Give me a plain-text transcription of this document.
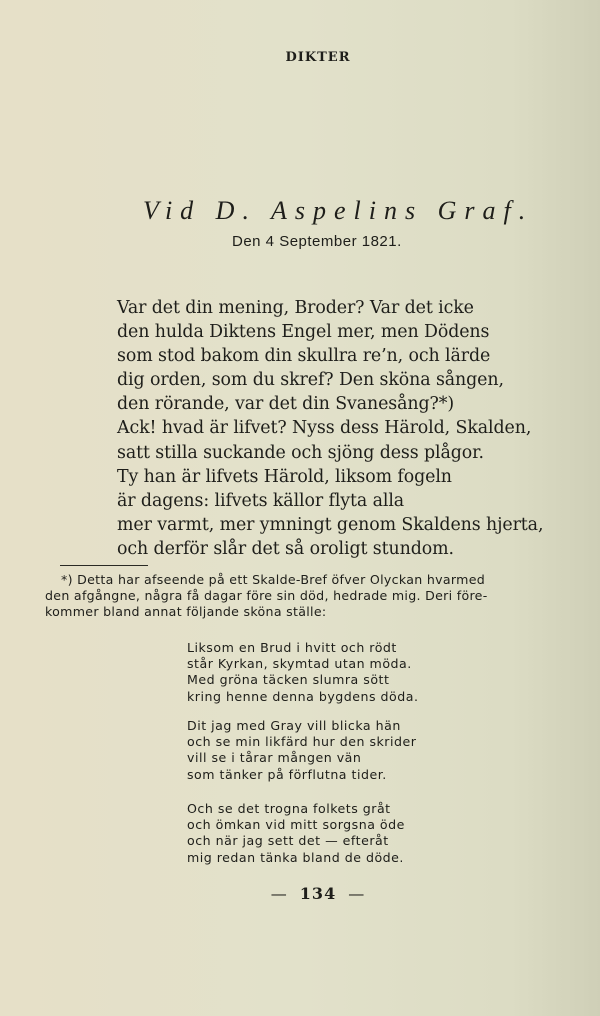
DIKTER
Vid D. Aspelins Graf.
Den 4 September 1821.
Var det din mening, Broder? Var det icke
den hulda Diktens Engel mer, men Dödens
som stod bakom din skullra re’n, och lärde
dig orden, som du skref? Den sköna sången,
den rörande, var det din Svanesång?*)
Ack! hvad är lifvet? Nyss dess Härold, Skalden,
satt stilla suckande och sjöng dess plågor.
Ty han är lifvets Härold, liksom fogeln
är dagens: lifvets källor flyta alla
mer varmt, mer ymningt genom Skaldens hjerta,
och derför slår det så oroligt stundom.
*) Detta har afseende på ett Skalde-Bref öfver Olyckan hvarmed
den afgångne, några få dagar före sin död, hedrade mig. Deri före-
kommer bland annat följande sköna ställe:
Liksom en Brud i hvitt och rödt
står Kyrkan, skymtad utan möda.
Med gröna täcken slumra sött
kring henne denna bygdens döda.
Dit jag med Gray vill blicka hän
och se min likfärd hur den skrider
vill se i tårar mången vän
som tänker på förflutna tider.
Och se det trogna folkets gråt
och ömkan vid mitt sorgsna öde
och när jag sett det — efteråt
mig redan tänka bland de döde.
— 134 —
